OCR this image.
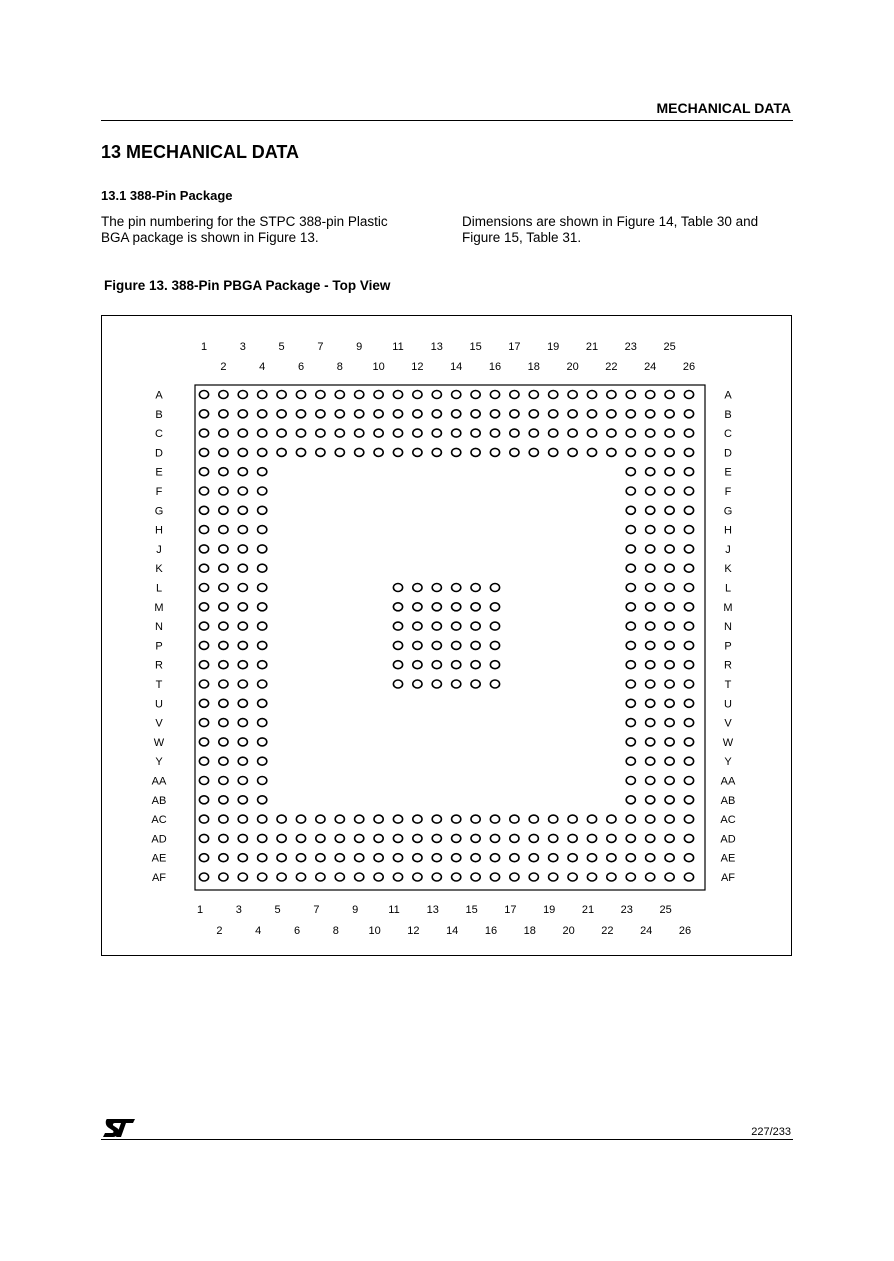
MECHANICAL DATA
13 MECHANICAL DATA
13.1 388-Pin Package
The pin numbering for the STPC 388-pin Plastic
BGA package is shown in Figure 13.
Dimensions are shown in Figure 14, Table 30 and
Figure 15, Table 31.
Figure 13. 388-Pin PBGA Package - Top View
1
1
2
2
3
3
4
4
5
5
6
6
7
7
8
8
9
9
10
10
11
11
12
12
13
13
14
14
15
15
16
16
17
17
18
18
19
19
20
20
21
21
22
22
23
23
24
24
25
25
26
26
A	A
B	B
C	C
D	D
E	E
F	F
G	G
H	H
J	J
K	K
L	L
M	M
N	N
P	P
R	R
T	T
U	U
V	V
W	W
Y	Y
AA	AA
AB	AB
AC	AC
AD	AD
AE	AE
AF	AF
227/233
